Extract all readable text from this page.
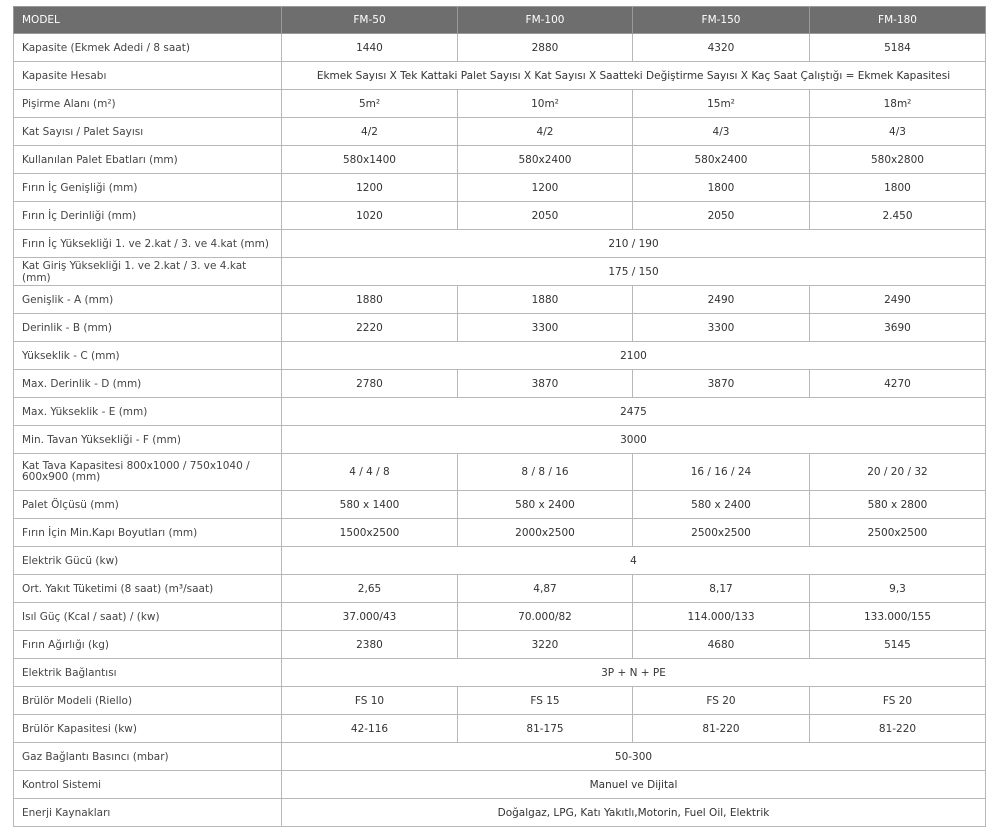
MODEL	FM-50	FM-100	FM-150	FM-180
Kapasite (Ekmek Adedi / 8 saat)	1440	2880	4320	5184
Kapasite Hesabı	Ekmek Sayısı X Tek Kattaki Palet Sayısı X Kat Sayısı X Saatteki Değiştirme Sayısı X Kaç Saat Çalıştığı = Ekmek Kapasitesi			
Pişirme Alanı (m²)	5m²	10m²	15m²	18m²
Kat Sayısı / Palet Sayısı	4/2	4/2	4/3	4/3
Kullanılan Palet Ebatları (mm)	580x1400	580x2400	580x2400	580x2800
Fırın İç Genişliği (mm)	1200	1200	1800	1800
Fırın İç Derinliği (mm)	1020	2050	2050	2.450
Fırın İç Yüksekliği 1. ve 2.kat / 3. ve 4.kat (mm)	210 / 190			
Kat Giriş Yüksekliği 1. ve 2.kat / 3. ve 4.kat (mm)	175 / 150			
Genişlik - A (mm)	1880	1880	2490	2490
Derinlik - B (mm)	2220	3300	3300	3690
Yükseklik - C (mm)	2100			
Max. Derinlik - D (mm)	2780	3870	3870	4270
Max. Yükseklik - E (mm)	2475			
Min. Tavan Yüksekliği - F (mm)	3000			
Kat Tava Kapasitesi 800x1000 / 750x1040 / 600x900 (mm)	4 / 4 / 8	8 / 8 / 16	16 / 16 / 24	20 / 20 / 32
Palet Ölçüsü (mm)	580 x 1400	580 x 2400	580 x 2400	580 x 2800
Fırın İçin Min.Kapı Boyutları (mm)	1500x2500	2000x2500	2500x2500	2500x2500
Elektrik Gücü (kw)	4			
Ort. Yakıt Tüketimi (8 saat) (m³/saat)	2,65	4,87	8,17	9,3
Isıl Güç (Kcal / saat) / (kw)	37.000/43	70.000/82	114.000/133	133.000/155
Fırın Ağırlığı (kg)	2380	3220	4680	5145
Elektrik Bağlantısı	3P + N + PE			
Brülör Modeli (Riello)	FS 10	FS 15	FS 20	FS 20
Brülör Kapasitesi (kw)	42-116	81-175	81-220	81-220
Gaz Bağlantı Basıncı (mbar)	50-300			
Kontrol Sistemi	Manuel ve Dijital			
Enerji Kaynakları	Doğalgaz, LPG, Katı Yakıtlı,Motorin, Fuel Oil, Elektrik			
